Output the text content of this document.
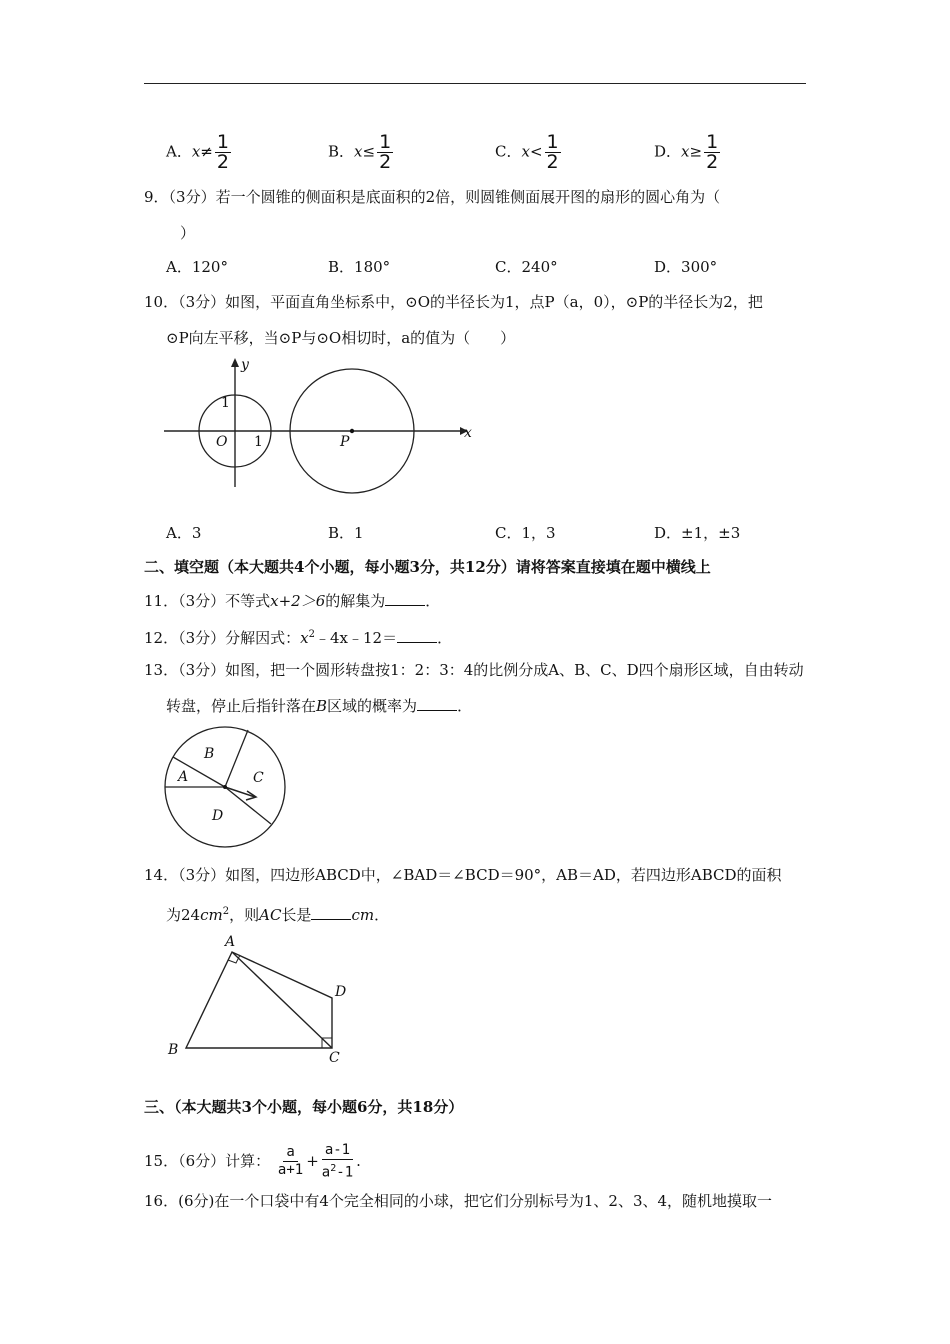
A．$x\ne \frac{1}{2}$	B．$x\le \frac{1}{2}$	C．$x< \frac{1}{2}$	D．$x\ge \frac{1}{2}$
9．（3分）若一个圆锥的侧面积是底面积的2倍，则圆锥侧面展开图的扇形的圆心角为（
）
A．120°	B．180°	C．240°	D．300°
10．（3分）如图，平面直角坐标系中，⊙O的半径长为1，点P（a，0），⊙P的半径长为2，把
⊙P向左平移，当⊙P与⊙O相切时，a的值为（　　）
y
x
1
1
O	P
A．3	B．1	C．1，3	D．±1，±3
二、填空题（本大题共4个小题，每小题3分，共12分）请将答案直接填在题中横线上
11．（3分）不等式x+2＞6的解集为	．
12．（3分）分解因式：$x^2﹣4x﹣12=$	．
13．（3分）如图，把一个圆形转盘按1：2：3：4的比例分成A、B、C、D四个扇形区域，自由转动
转盘，停止后指针落在B区域的概率为	．
A
B
C
D
14．（3分）如图，四边形ABCD中，∠BAD＝∠BCD＝90°，AB＝AD，若四边形ABCD的面积
为$24cm^2$，则AC长是	cm．
A
B	C
D
三、（本大题共3个小题，每小题6分，共18分）
15．（6分）计算： $\frac{a}{a+1} + \frac{a-1}{a^2-1}$ .
16．(6分)在一个口袋中有4个完全相同的小球，把它们分别标号为1、2、3、4，随机地摸取一
